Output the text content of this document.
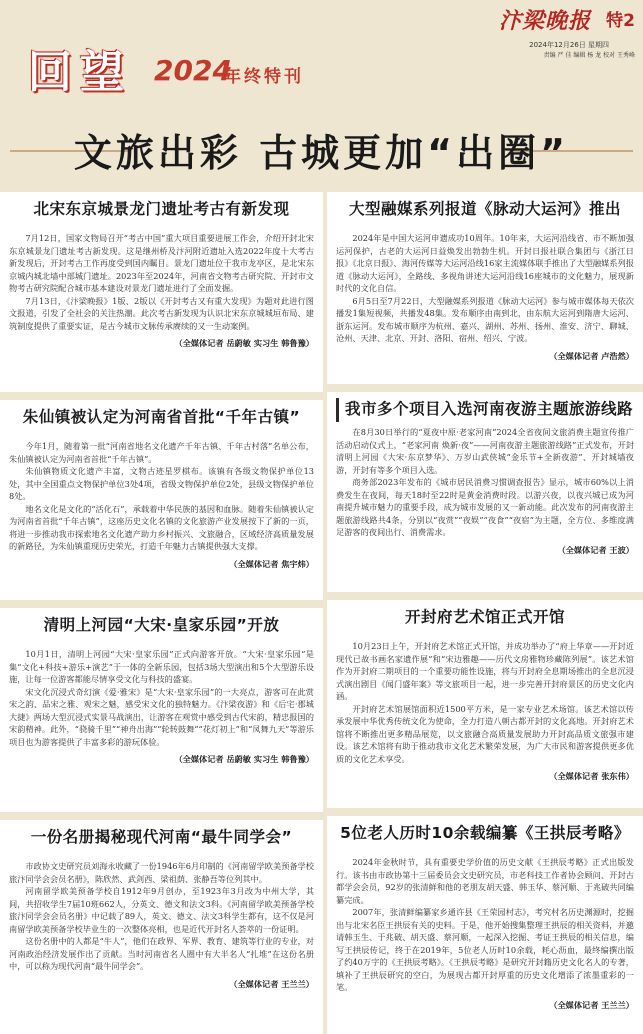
汴梁晚报 特2
2024年12月26日 星期四
责编 严 佳 编辑 杨 龙 校对 王秀峰
回望 2024
年终特刊
文旅出彩 古城更加“出圈”
北宋东京城景龙门遗址考古有新发现

7月12日，国家文物局召开“考古中国”重大项目重要进展工作会，介绍开封北宋东京城景龙门遗址考古新发现。这是继州桥及汴河附近遗址入选2022年度十大考古新发现后，开封考古工作再度受到国内瞩目。景龙门遗址位于我市龙亭区，是北宋东京城内城北墙中部城门遗址。2023年至2024年，河南省文物考古研究院、开封市文物考古研究院配合城市基本建设对景龙门遗址进行了全面发掘。

7月13日，《汴梁晚报》1版、2版以《开封考古又有重大发现》为题对此进行图文报道，引发了全社会的关注热潮。此次考古新发现为认识北宋东京城城垣布局、建筑制度提供了重要实证，是古今城市文脉传承赓续的又一生动案例。

（全媒体记者 岳蔚敏 实习生 韩鲁豫）
大型融媒系列报道《脉动大运河》推出

2024年是中国大运河申遗成功10周年。10年来，大运河沿线省、市不断加强运河保护，古老的大运河日益焕发出勃勃生机。开封日报社联合集团与《浙江日报》《北京日报》、海河传媒等大运河沿线16家主流媒体联手推出了大型融媒系列报道《脉动大运河》，全路线、多视角讲述大运河沿线16座城市的文化魅力，展现新时代的文化自信。

6月5日至7月22日，大型融媒系列报道《脉动大运河》参与城市媒体每天依次播发1集短视频，共播发48集。发布顺序由南到北，由东航大运河到隋唐大运河、浙东运河。发布城市顺序为杭州、嘉兴、湖州、苏州、扬州、淮安、济宁、聊城、沧州、天津、北京、开封、洛阳、宿州、绍兴、宁波。

（全媒体记者 卢浩然）
朱仙镇被认定为河南省首批“千年古镇”

今年1月，随着第一批“河南省地名文化遗产千年古镇、千年古村落”名单公布，朱仙镇被认定为河南省首批“千年古镇”。

朱仙镇物质文化遗产丰富，文物古迹星罗棋布。该镇有各级文物保护单位13处，其中全国重点文物保护单位3处4项，省级文物保护单位2处，县级文物保护单位8处。

地名文化是文化的“活化石”，承载着中华民族的基因和血脉。随着朱仙镇被认定为河南省首批“千年古镇”，这座历史文化名镇的文化旅游产业发展按下了新的一页，将进一步推动我市探索地名文化遗产助力乡村振兴、文旅融合，区域经济高质量发展的新路径，为朱仙镇重现历史荣光，打造千年魅力古镇提供强大支撑。

（全媒体记者 焦宇炜）
我市多个项目入选河南夜游主题旅游线路

在8月30日举行的“夏夜中原·老家河南”2024全省夜间文旅消费主题宣传推广活动启动仪式上，“老家河南 焕新·夜”——河南夜游主题旅游线路”正式发布，开封清明上河园《大宋·东京梦华》、万岁山武侠城“金乐节+全新夜游”、开封城墙夜游，开封有等多个项目入选。

商务部2023年发布的《城市居民消费习惯调查报告》显示，城市60%以上消费发生在夜间，每天18时至22时是黄金消费时段。以游兴夜，以夜兴城已成为河南提升城市魅力的重要手段，成为城市发展的又一新动能。此次发布的河南夜游主题旅游线路共4条，分别以“夜赏”“夜娱”“夜食”“夜宿”为主题，全方位、多维度满足游客的夜间出行、消费需求。

（全媒体记者 王波）
清明上河园“大宋·皇家乐园”开放

10月1日，清明上河园“大宋·皇家乐园”正式向游客开放。“大宋·皇家乐园”是集“文化+科技+游乐+演艺”于一体的全新乐园，包括3场大型演出和5个大型游乐设施，让每一位游客都能尽情享受文化与科技的盛宴。

宋文化沉浸式奇幻演《爱·雅宋》是“大宋·皇家乐园”的一大亮点，游客可在此赏宋之韵、品宋之雅、观宋之魅，感受宋文化的独特魅力。《汴梁夜游》和《后宅·郡城大捷》两场大型沉浸式实景马战演出，让游客在观赏中感受到古代宋韵，精忠报国的宋韵精神。此外，“骁骑千里”“神舟出海”“轮转鼓舞”“花灯初上”和“凤舞九天”等游乐项目也为游客提供了丰富多彩的游玩体验。

（全媒体记者 岳蔚敏 实习生 韩鲁豫）
开封府艺术馆正式开馆

10月23日上午，开封府艺术馆正式开馆，并成功举办了“府上华章——开封近现代已故书画名家遗作展”和“宋边雅趣——历代文房雅物珍藏陈列展”。该艺术馆作为开封府二期项目的一个重要功能性设施，将与开封府全息期场推出的全息沉浸式演出剧目《闻门盛年案》等文旅项目一起，进一步完善开封府景区的历史文化内涵。

开封府艺术馆展馆面积近1500平方米，是一家专业艺术场馆。该艺术馆以传承发展中华优秀传统文化为使命，全力打造八朝古都开封的文化高地。开封府艺术馆将不断推出更多精品展览，以文旅融合高质量发展助力开封高品质文旅强市建设。该艺术馆将有助于推动我市文化艺术繁荣发展，为广大市民和游客提供更多优质的文化艺术享受。

（全媒体记者 张东伟）
一份名册揭秘现代河南“最牛同学会”

市政协文史研究员刘海永收藏了一份1946年6月印制的《河南留学欧美预备学校旅汴同学会会员名册》，陈欣然、武剑西、梁祖荫、张静吾等位列其中。

河南留学欧美预备学校自1912年9月创办，至1923年3月改为中州大学，其间，共招收学生7届10班662人，分英文、德文和法文3科。《河南留学欧美预备学校旅汴同学会会员名册》中记载了89人，英文、德文、法文3科学生都有，这不仅是河南留学欧美预备学校毕业生的一次整体亮相，也是近代开封名人荟萃的一份证明。

这份名册中的人都是“牛人”，他们在政界、军界、教育、建筑等行业的专业，对河南政治经济发展作出了贡献。当时河南省名人圈中有大半名人“扎堆”在这份名册中，可以称为现代河南“最牛同学会”。

（全媒体记者 王兰兰）
5位老人历时10余载编纂《王拱辰考略》

2024年金秋时节，具有重要史学价值的历史文献《王拱辰考略》正式出版发行。该书由市政协第十三届委员会文史研究员，市老科技工作者协会顾问、开封古都学会会员，92岁的张清鲜和他的老朋友胡天盛、韩玉华、蔡河顺、于兆破共同编纂完成。

2007年，张清鲜编纂家乡通许县《王荣园村志》，考究村名历史渊源时，挖掘出与北宋名臣王拱辰有关的史料。于是，他开始搜集整理王拱辰的相关资料，并邀请韩玉生、于兆破、胡天盛、蔡河顺，一起深入挖掘、考证王拱辰的相关信息，编写王拱辰传记，终于在2019年，5位老人历时10余载，耗心沥血，最终编撰出版了约40万字的《王拱辰考略》。《王拱辰考略》是研究开封籍历史文化名人的专著，填补了王拱辰研究的空白，为展现古都开封厚重的历史文化增添了浓墨重彩的一笔。

（全媒体记者 王兰兰）
